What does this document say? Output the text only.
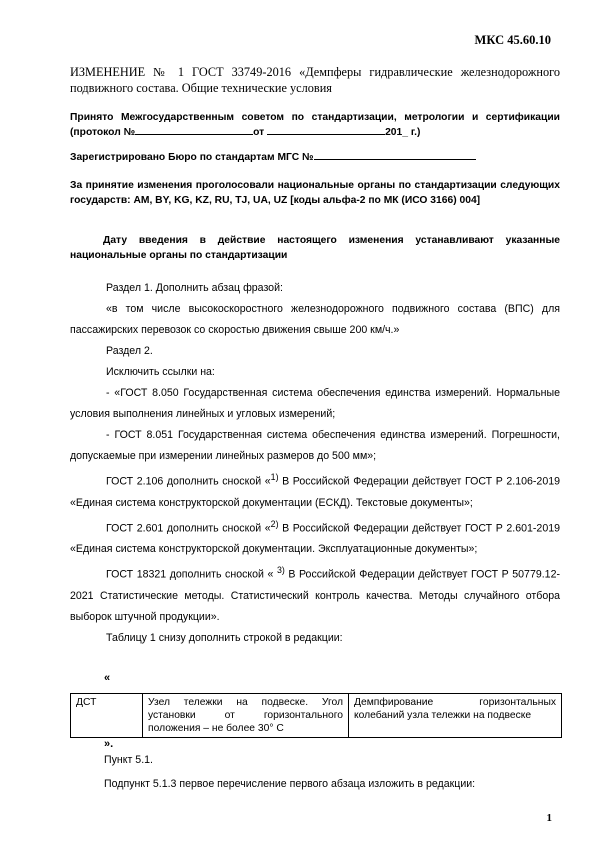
МКС 45.60.10
ИЗМЕНЕНИЕ № 1 ГОСТ 33749-2016 «Демпферы гидравлические железнодорожного подвижного состава. Общие технические условия
Принято Межгосударственным советом по стандартизации, метрологии и сертификации (протокол №	от	201_ г.)
Зарегистрировано Бюро по стандартам МГС №
За принятие изменения проголосовали национальные органы по стандартизации следующих государств: AM, BY, KG, KZ, RU, TJ, UA, UZ [коды альфа-2 по МК (ИСО 3166) 004]
Дату введения в действие настоящего изменения устанавливают указанные национальные органы по стандартизации

Раздел 1. Дополнить абзац фразой:

«в том числе высокоскоростного железнодорожного подвижного состава (ВПС) для пассажирских перевозок со скоростью движения свыше 200 км/ч.»

Раздел 2.

Исключить ссылки на:

- «ГОСТ 8.050 Государственная система обеспечения единства измерений. Нормальные условия выполнения линейных и угловых измерений;

- ГОСТ 8.051 Государственная система обеспечения единства измерений. Погрешности, допускаемые при измерении линейных размеров до 500 мм»;

ГОСТ 2.106 дополнить сноской «$^{1)}$ В Российской Федерации действует ГОСТ Р 2.106-2019 «Единая система конструкторской документации (ЕСКД). Текстовые документы»;

ГОСТ 2.601 дополнить сноской «$^{2)}$ В Российской Федерации действует ГОСТ Р 2.601-2019 «Единая система конструкторской документации. Эксплуатационные документы»;

ГОСТ 18321 дополнить сноской « $^{3)}$ В Российской Федерации действует ГОСТ Р 50779.12-2021 Статистические методы. Статистический контроль качества. Методы случайного отбора выборок штучной продукции».

Таблицу 1 снизу дополнить строкой в редакции:

«
ДСТ	Узел тележки на подвеске. Угол установки от горизонтального положения – не более 30° С	Демпфирование горизонтальных колебаний узла тележки на подвеске
».
Пункт 5.1.
Подпункт 5.1.3 первое перечисление первого абзаца изложить в редакции:
1
